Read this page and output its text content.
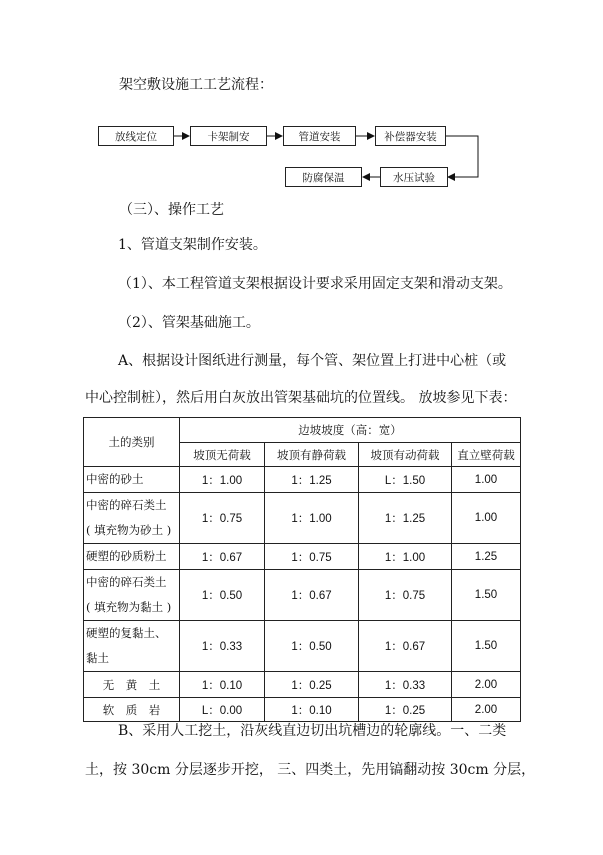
架空敷设施工工艺流程：
放线定位	卡架制安	管道安装	补偿器安装
水压试验
防腐保温
（三）、操作工艺
1、管道支架制作安装。
（1）、本工程管道支架根据设计要求采用固定支架和滑动支架。
（2）、管架基础施工。
A、根据设计图纸进行测量，每个管、架位置上打进中心桩（或
中心控制桩），然后用白灰放出管架基础坑的位置线。 放坡参见下表：
土的类别	边坡坡度（高：宽）			
	坡顶无荷载	坡顶有静荷载	坡顶有动荷载	直立壁荷载

中密的砂土	1：1.00	1：1.25	L：1.50	1.00

中密的碎石类土
( 填充物为砂土 )	1：0.75	1：1.00	1：1.25	1.00

硬塑的砂质粉土	1：0.67	1：0.75	1：1.00	1.25

中密的碎石类土
( 填充物为黏土 )	1：0.50	1：0.67	1：0.75	1.50

硬塑的复黏土、
黏土	1：0.33	1：0.50	1：0.67	1.50

无　黄　土	1：0.10	1：0.25	1：0.33	2.00

软　质　岩	L：0.00	1：0.10	1：0.25	2.00
B、采用人工挖土，沿灰线直边切出坑槽边的轮廓线。一、二类
土，按 30cm 分层逐步开挖， 三、四类土，先用镐翻动按 30cm 分层，
